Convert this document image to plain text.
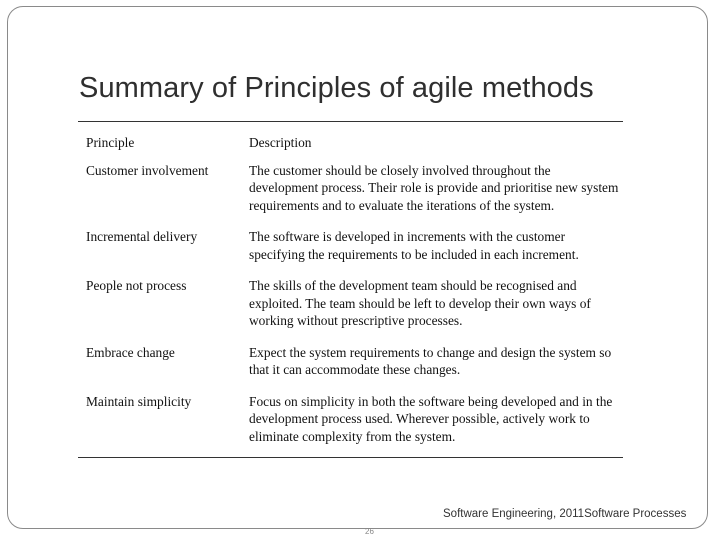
Summary of Principles of agile methods
Principle	Description
Customer involvement	The customer should be closely involved throughout the development process. Their role is provide and prioritise new system requirements and to evaluate the iterations of the system.
Incremental delivery	The software is developed in increments with the customer specifying the requirements to be included in each increment.
People not process	The skills of the development team should be recognised and exploited. The team should be left to develop their own ways of working without prescriptive processes.
Embrace change	Expect the system requirements to change and design the system so that it can accommodate these changes.
Maintain simplicity	Focus on simplicity in both the software being developed and in the development process used. Wherever possible, actively work to eliminate complexity from the system.
Software Engineering, 2011Software Processes
26
